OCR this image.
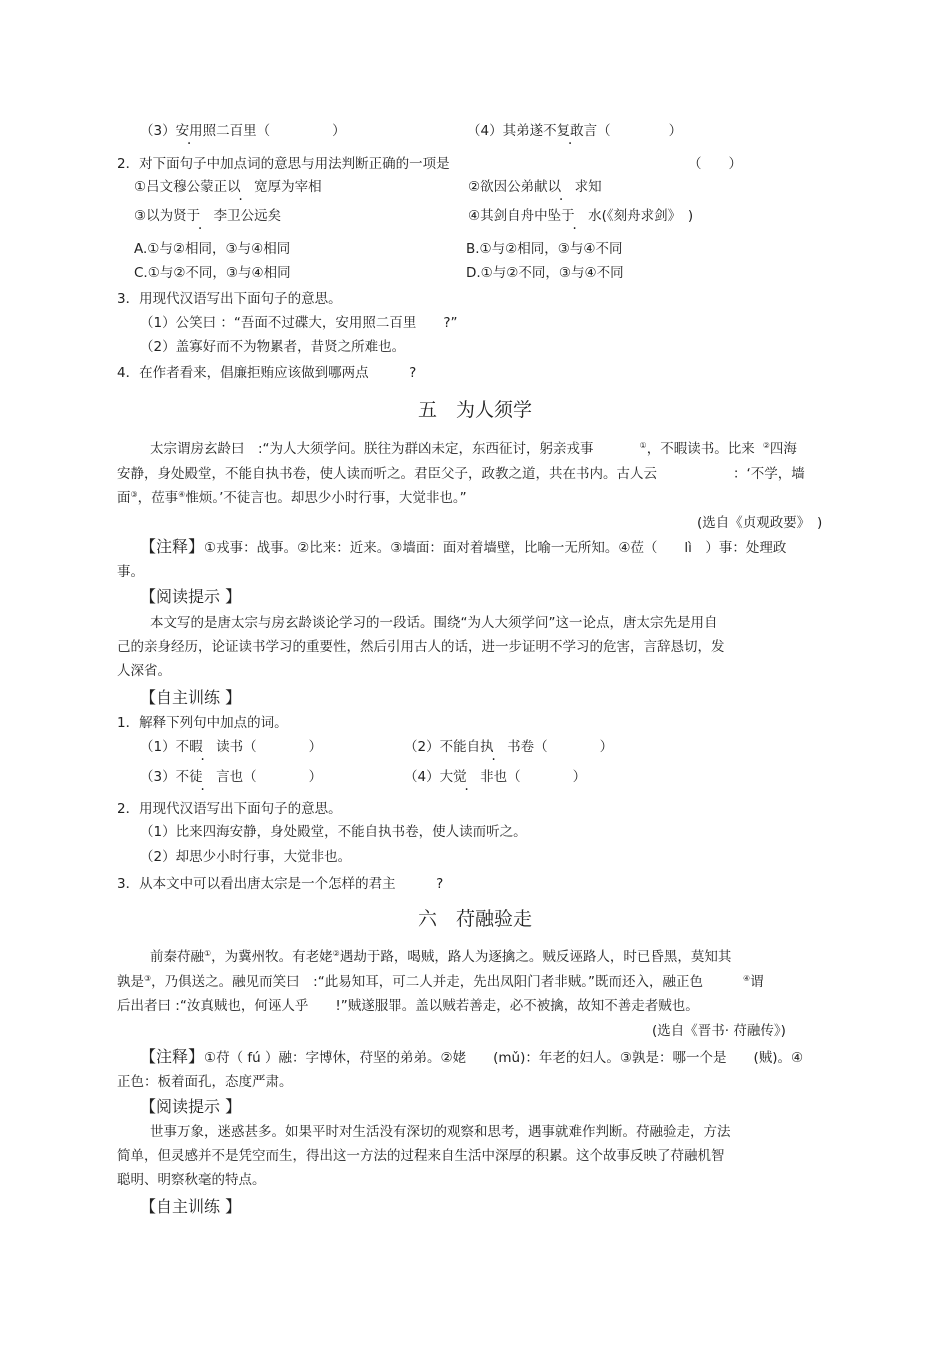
（3）安用照二百里（	）	（4）其弟遂不复敢言（	）
2．对下面句子中加点词的意思与用法判断正确的一项是	（　　）
①吕文穆公蒙正以　 宽厚为宰相	②欲因公弟献以　 求知
③以为贤于　 李卫公远矣	④其剑自舟中坠于　 水(《刻舟求剑》　)
A.①与②相同，③与④相同	B.①与②相同，③与④不同
C.①与②不同，③与④相同	D.①与②不同，③与④不同
3．用现代汉语写出下面句子的意思。
（1）公笑曰 ：“吾面不过碟大，安用照二百里　　?”
（2）盖寡好而不为物累者，昔贤之所难也。
4．在作者看来，倡廉拒贿应该做到哪两点　　　?
五　为人须学
太宗谓房玄龄曰　:“为人大须学问。朕往为群凶未定，东西征讨，躬亲戎事	①，不暇读书。比来 ②四海
安静，身处殿堂，不能自执书卷，使人读而听之。君臣父子，政教之道，共在书内。古人云	：‘不学，墙
面③，莅事④惟烦。’不徒言也。却思少小时行事，大觉非也。”
(选自《贞观政要》　)
【注释】①戎事：战事。②比来：近来。③墙面：面对着墙壁，比喻一无所知。④莅（　　lì　）事：处理政
事。
【阅读提示 】
本文写的是唐太宗与房玄龄谈论学习的一段话。围绕“为人大须学问”这一论点，唐太宗先是用自
己的亲身经历，论证读书学习的重要性，然后引用古人的话，进一步证明不学习的危害，言辞恳切，发
人深省。
【自主训练 】
1．解释下列句中加点的词。
（1）不暇　 读书（	）	（2）不能自执　 书卷（	）
（3）不徒　 言也（	）	（4）大觉　 非也（	）
2．用现代汉语写出下面句子的意思。
（1）比来四海安静，身处殿堂，不能自执书卷，使人读而听之。
（2）却思少小时行事，大觉非也。
3．从本文中可以看出唐太宗是一个怎样的君主　　　?
六　苻融验走
前秦苻融①，为冀州牧。有老姥②遇劫于路，喝贼，路人为逐擒之。贼反诬路人，时已昏黑，莫知其
孰是③，乃俱送之。融见而笑曰　:“此易知耳，可二人并走，先出凤阳门者非贼。”既而还入，融正色	④谓
后出者曰 :“汝真贼也，何诬人乎　　!”贼遂服罪。盖以贼若善走，必不被擒，故知不善走者贼也。
(选自《晋书· 苻融传》)
【注释】①苻（ fú ）融：字博休，苻坚的弟弟。②姥　　(mǔ)：年老的妇人。③孰是：哪一个是　　(贼)。④
正色：板着面孔，态度严肃。
【阅读提示 】
世事万象，迷惑甚多。如果平时对生活没有深切的观察和思考，遇事就难作判断。苻融验走，方法
简单，但灵感并不是凭空而生，得出这一方法的过程来自生活中深厚的积累。这个故事反映了苻融机智
聪明、明察秋毫的特点。
【自主训练 】
